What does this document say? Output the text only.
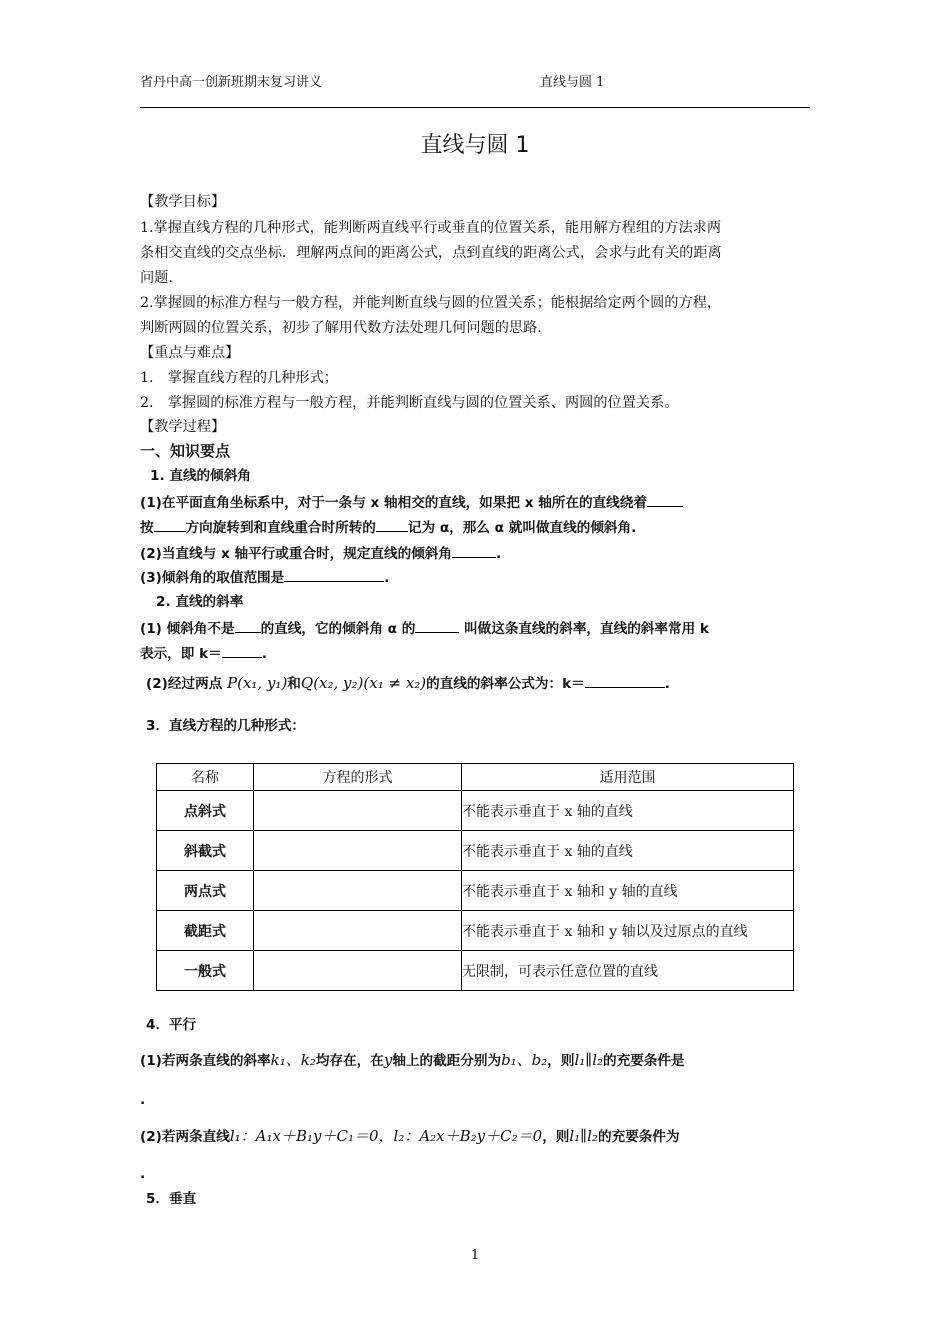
省丹中高一创新班期末复习讲义	直线与圆 1
直线与圆 1
【教学目标】
1.掌握直线方程的几种形式，能判断两直线平行或垂直的位置关系，能用解方程组的方法求两
条相交直线的交点坐标．理解两点间的距离公式，点到直线的距离公式，会求与此有关的距离
问题.
2.掌握圆的标准方程与一般方程，并能判断直线与圆的位置关系；能根据给定两个圆的方程，
判断两圆的位置关系，初步了解用代数方法处理几何问题的思路.
【重点与难点】
1.　掌握直线方程的几种形式；
2.　掌握圆的标准方程与一般方程，并能判断直线与圆的位置关系、两圆的位置关系。
【教学过程】
一、知识要点
1. 直线的倾斜角
(1)在平面直角坐标系中，对于一条与 x 轴相交的直线，如果把 x 轴所在的直线绕着
按 方向旋转到和直线重合时所转的 记为 α，那么 α 就叫做直线的倾斜角.
(2)当直线与 x 轴平行或重合时，规定直线的倾斜角	.
(3)倾斜角的取值范围是	.
2. 直线的斜率
(1) 倾斜角不是 的直线，它的倾斜角 α 的	叫做这条直线的斜率，直线的斜率常用 k
表示，即 k＝	.
(2)经过两点 P(x₁, y₁)和Q(x₂, y₂)(x₁ ≠ x₂)的直线的斜率公式为：k＝	.
3．直线方程的几种形式：
名称	方程的形式	适用范围
点斜式		不能表示垂直于 x 轴的直线
斜截式		不能表示垂直于 x 轴的直线
两点式		不能表示垂直于 x 轴和 y 轴的直线
截距式		不能表示垂直于 x 轴和 y 轴以及过原点的直线
一般式		无限制，可表示任意位置的直线
4．平行
(1)若两条直线的斜率k₁、k₂均存在，在y轴上的截距分别为b₁、b₂，则l₁∥l₂的充要条件是
.
(2)若两条直线l₁：A₁x＋B₁y＋C₁＝0，l₂：A₂x＋B₂y＋C₂＝0，则l₁∥l₂的充要条件为
.
5．垂直
1
